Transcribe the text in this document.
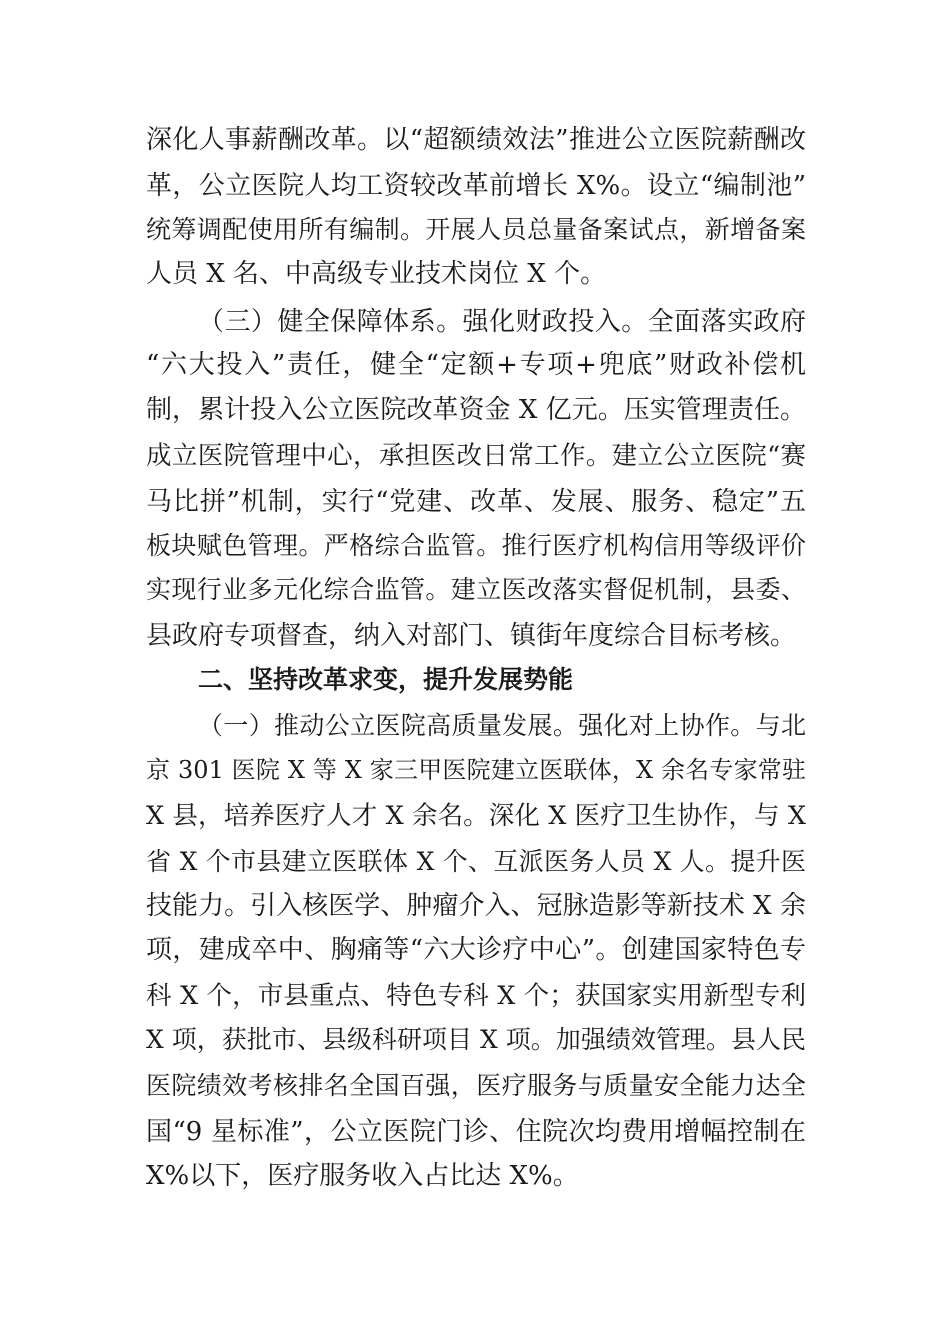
深化人事薪酬改革。以“超额绩效法”推进公立医院薪酬改
革，公立医院人均工资较改革前增长 X%。设立“编制池”
统筹调配使用所有编制。开展人员总量备案试点，新增备案
人员 X 名、中高级专业技术岗位 X 个。
（三）健全保障体系。强化财政投入。全面落实政府
“六大投入”责任，健全“定额+专项+兜底”财政补偿机
制，累计投入公立医院改革资金 X 亿元。压实管理责任。
成立医院管理中心，承担医改日常工作。建立公立医院“赛
马比拼”机制，实行“党建、改革、发展、服务、稳定”五
板块赋色管理。严格综合监管。推行医疗机构信用等级评价
实现行业多元化综合监管。建立医改落实督促机制，县委、
县政府专项督查，纳入对部门、镇街年度综合目标考核。
二、坚持改革求变，提升发展势能
（一）推动公立医院高质量发展。强化对上协作。与北
京 301 医院 X 等 X 家三甲医院建立医联体，X 余名专家常驻
X 县，培养医疗人才 X 余名。深化 X 医疗卫生协作，与 X
省 X 个市县建立医联体 X 个、互派医务人员 X 人。提升医
技能力。引入核医学、肿瘤介入、冠脉造影等新技术 X 余
项，建成卒中、胸痛等“六大诊疗中心”。创建国家特色专
科 X 个，市县重点、特色专科 X 个；获国家实用新型专利
X 项，获批市、县级科研项目 X 项。加强绩效管理。县人民
医院绩效考核排名全国百强，医疗服务与质量安全能力达全
国“9 星标准”，公立医院门诊、住院次均费用增幅控制在
X%以下，医疗服务收入占比达 X%。
